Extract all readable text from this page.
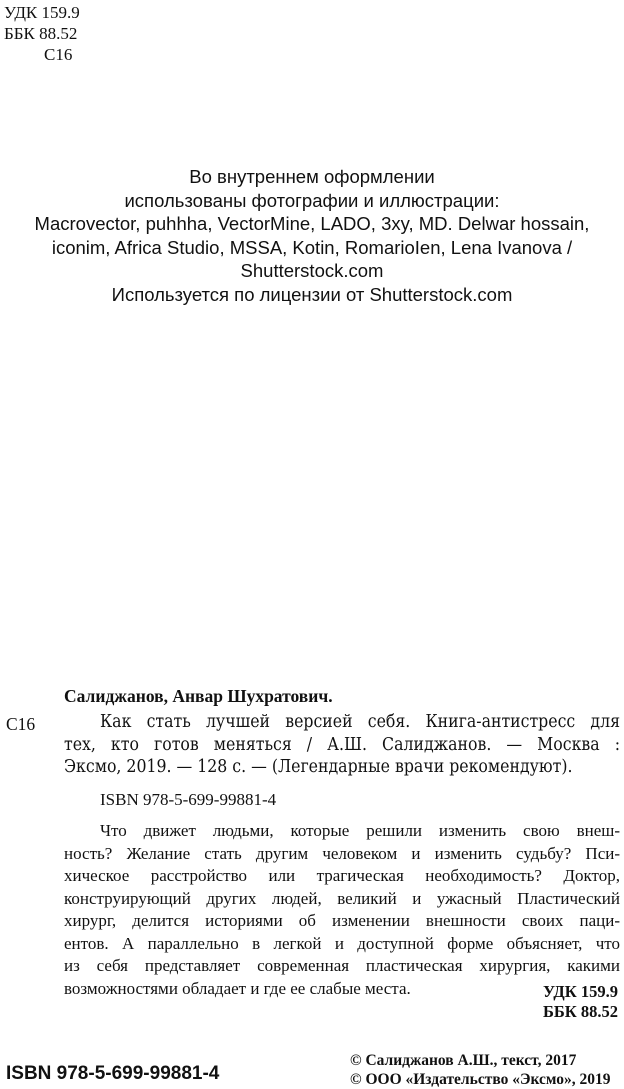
УДК 159.9
ББК 88.52
С16
Во внутреннем оформлении
использованы фотографии и иллюстрации:
Macrovector, puhhha, VectorMine, LADO, 3xy, MD. Delwar hossain,
iconim, Africa Studio, MSSA, Kotin, RomarioIen, Lena Ivanova /
Shutterstock.com
Используется по лицензии от Shutterstock.com
Салиджанов, Анвар Шухратович.
С16	Как стать лучшей версией себя. Книга-антистресс для
тех, кто готов меняться / А.Ш. Салиджанов. — Москва :
Эксмо, 2019. — 128 с. — (Легендарные врачи рекомендуют).
ISBN 978-5-699-99881-4
Что движет людьми, которые решили изменить свою внеш-
ность? Желание стать другим человеком и изменить судьбу? Пси-
хическое расстройство или трагическая необходимость? Доктор,
конструирующий других людей, великий и ужасный Пластический
хирург, делится историями об изменении внешности своих паци-
ентов. А параллельно в легкой и доступной форме объясняет, что
из себя представляет современная пластическая хирургия, какими
возможностями обладает и где ее слабые места.	УДК 159.9
ББК 88.52
ISBN 978-5-699-99881-4
© Салиджанов А.Ш., текст, 2017
© ООО «Издательство «Эксмо», 2019
